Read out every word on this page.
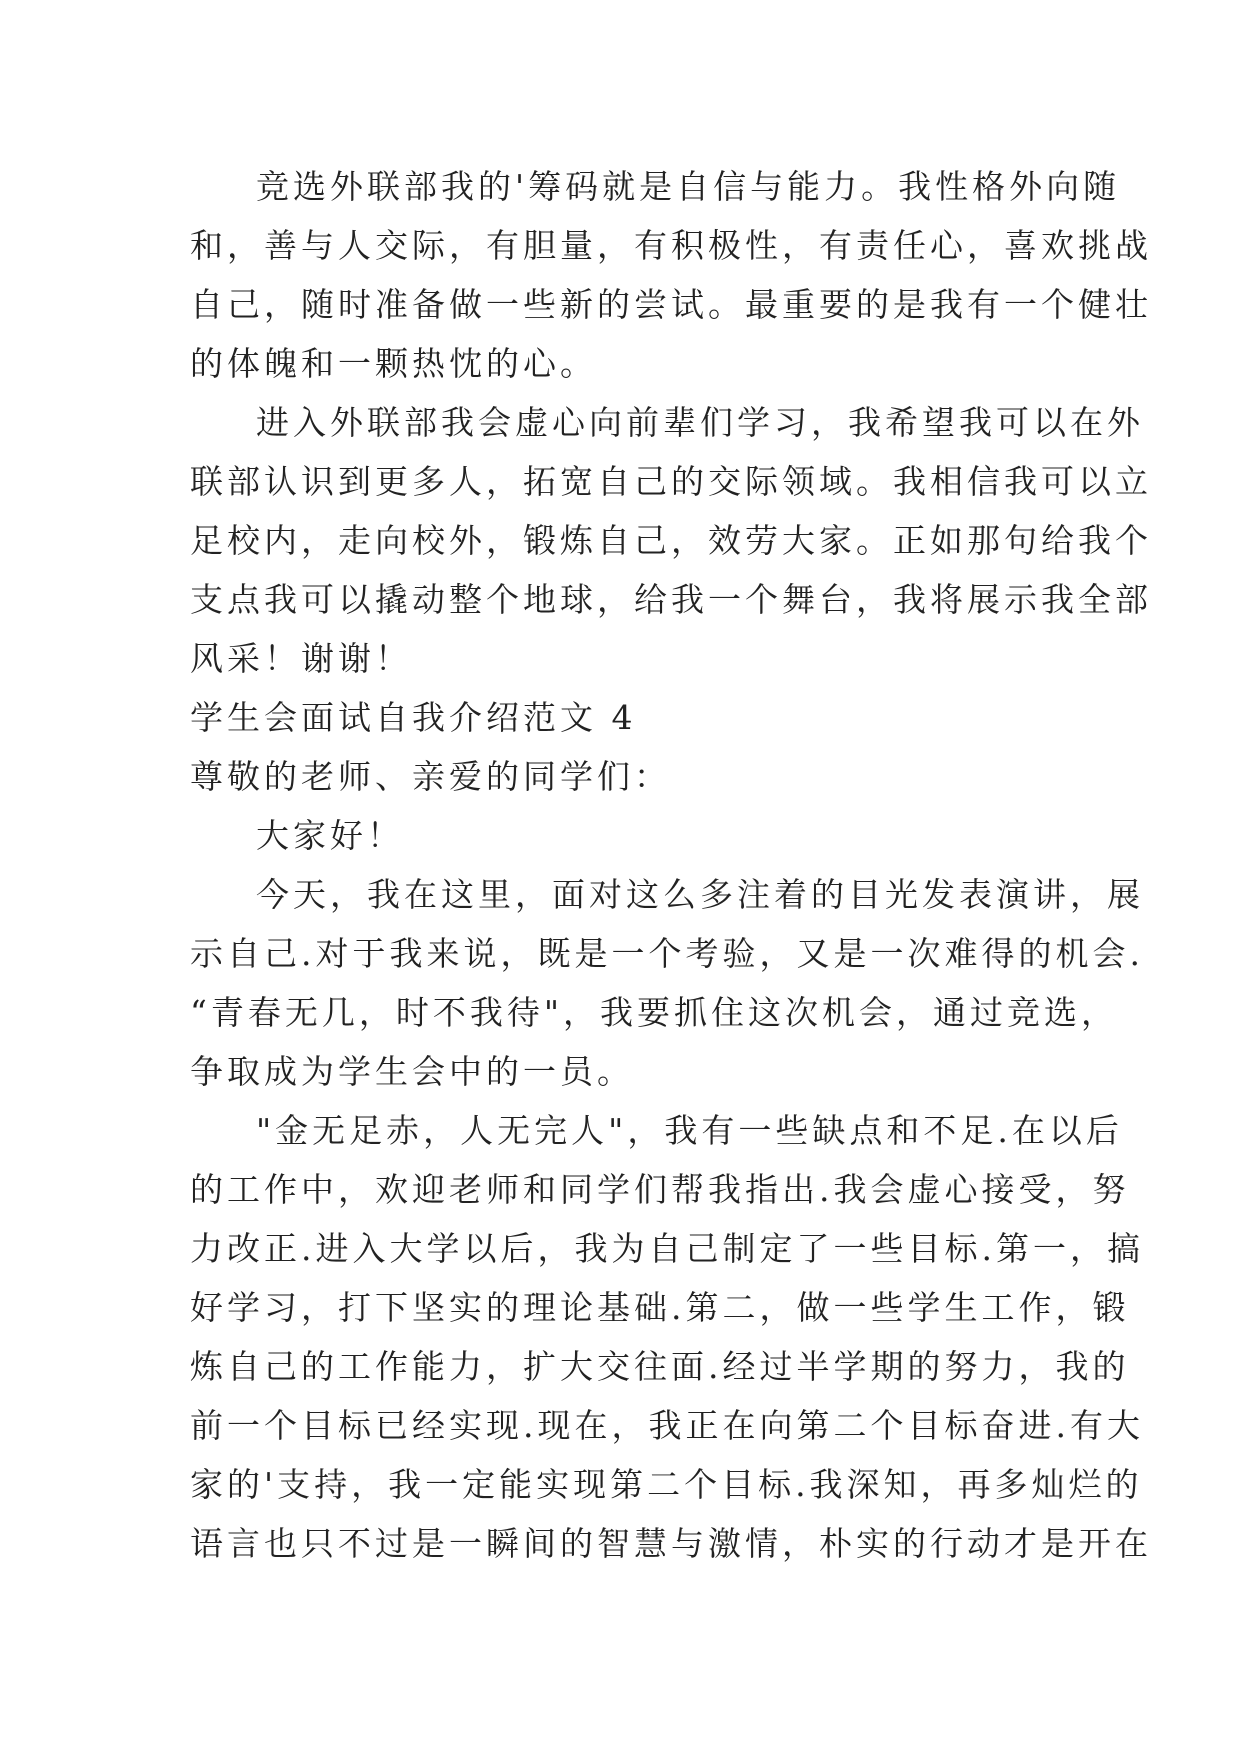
竞选外联部我的'筹码就是自信与能力。我性格外向随

和，善与人交际，有胆量，有积极性，有责任心，喜欢挑战

自己，随时准备做一些新的尝试。最重要的是我有一个健壮

的体魄和一颗热忱的心。

进入外联部我会虚心向前辈们学习，我希望我可以在外

联部认识到更多人，拓宽自己的交际领域。我相信我可以立

足校内，走向校外，锻炼自己，效劳大家。正如那句给我个

支点我可以撬动整个地球，给我一个舞台，我将展示我全部

风采！谢谢！

学生会面试自我介绍范文 4

尊敬的老师、亲爱的同学们：

大家好！

今天，我在这里，面对这么多注着的目光发表演讲，展

示自己.对于我来说，既是一个考验，又是一次难得的机会.

“青春无几，时不我待"，我要抓住这次机会，通过竞选，

争取成为学生会中的一员。

"金无足赤，人无完人"，我有一些缺点和不足.在以后

的工作中，欢迎老师和同学们帮我指出.我会虚心接受，努

力改正.进入大学以后，我为自己制定了一些目标.第一，搞

好学习，打下坚实的理论基础.第二，做一些学生工作，锻

炼自己的工作能力，扩大交往面.经过半学期的努力，我的

前一个目标已经实现.现在，我正在向第二个目标奋进.有大

家的'支持，我一定能实现第二个目标.我深知，再多灿烂的

语言也只不过是一瞬间的智慧与激情，朴实的行动才是开在
